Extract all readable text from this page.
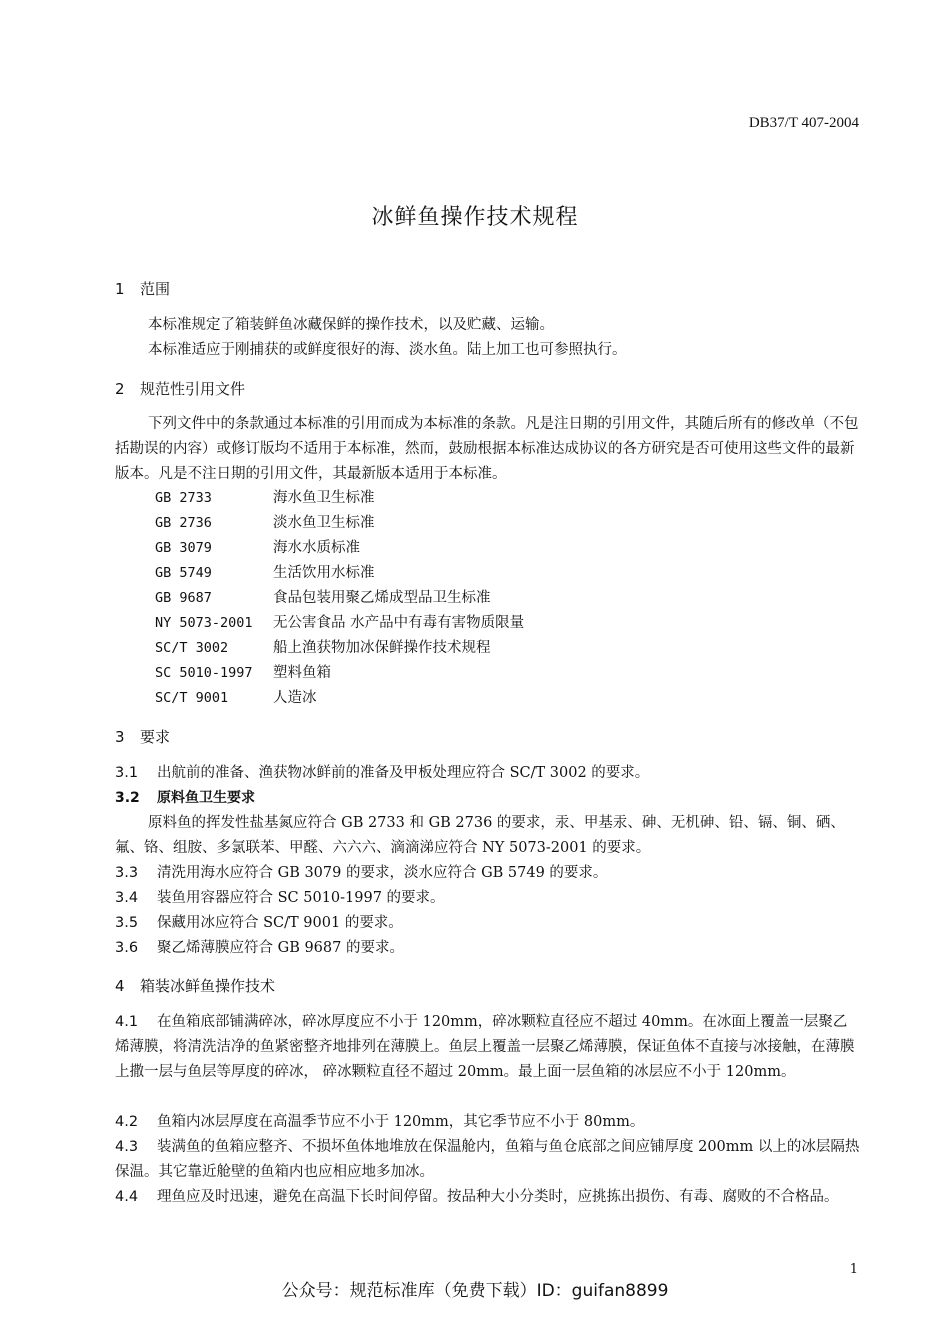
DB37/T 407-2004
冰鲜鱼操作技术规程
1 范围
本标准规定了箱装鲜鱼冰藏保鲜的操作技术，以及贮藏、运输。
本标准适应于刚捕获的或鲜度很好的海、淡水鱼。陆上加工也可参照执行。
2 规范性引用文件
下列文件中的条款通过本标准的引用而成为本标准的条款。凡是注日期的引用文件，其随后所有的修改单（不包括勘误的内容）或修订版均不适用于本标准，然而，鼓励根据本标准达成协议的各方研究是否可使用这些文件的最新版本。凡是不注日期的引用文件，其最新版本适用于本标准。
GB 2733	海水鱼卫生标准
GB 2736	淡水鱼卫生标准
GB 3079	海水水质标准
GB 5749	生活饮用水标准
GB 9687	食品包装用聚乙烯成型品卫生标准
NY 5073-2001 无公害食品 水产品中有毒有害物质限量
SC/T 3002	船上渔获物加冰保鲜操作技术规程
SC 5010-1997 塑料鱼箱
SC/T 9001	人造冰
3 要求
3.1 出航前的准备、渔获物冰鲜前的准备及甲板处理应符合 SC/T 3002 的要求。
3.2 原料鱼卫生要求
原料鱼的挥发性盐基氮应符合 GB 2733 和 GB 2736 的要求，汞、甲基汞、砷、无机砷、铅、镉、铜、硒、氟、铬、组胺、多氯联苯、甲醛、六六六、滴滴涕应符合 NY 5073-2001 的要求。
3.3 清洗用海水应符合 GB 3079 的要求，淡水应符合 GB 5749 的要求。
3.4 装鱼用容器应符合 SC 5010-1997 的要求。
3.5 保藏用冰应符合 SC/T 9001 的要求。
3.6 聚乙烯薄膜应符合 GB 9687 的要求。
4 箱装冰鲜鱼操作技术
4.1 在鱼箱底部铺满碎冰，碎冰厚度应不小于 120mm，碎冰颗粒直径应不超过 40mm。在冰面上覆盖一层聚乙烯薄膜，将清洗洁净的鱼紧密整齐地排列在薄膜上。鱼层上覆盖一层聚乙烯薄膜，保证鱼体不直接与冰接触，在薄膜上撒一层与鱼层等厚度的碎冰， 碎冰颗粒直径不超过 20mm。最上面一层鱼箱的冰层应不小于 120mm。
4.2 鱼箱内冰层厚度在高温季节应不小于 120mm，其它季节应不小于 80mm。
4.3 装满鱼的鱼箱应整齐、不损坏鱼体地堆放在保温舱内，鱼箱与鱼仓底部之间应铺厚度 200mm 以上的冰层隔热保温。其它靠近舱壁的鱼箱内也应相应地多加冰。
4.4 理鱼应及时迅速，避免在高温下长时间停留。按品种大小分类时，应挑拣出损伤、有毒、腐败的不合格品。
1
公众号：规范标准库（免费下载）ID：guifan8899
